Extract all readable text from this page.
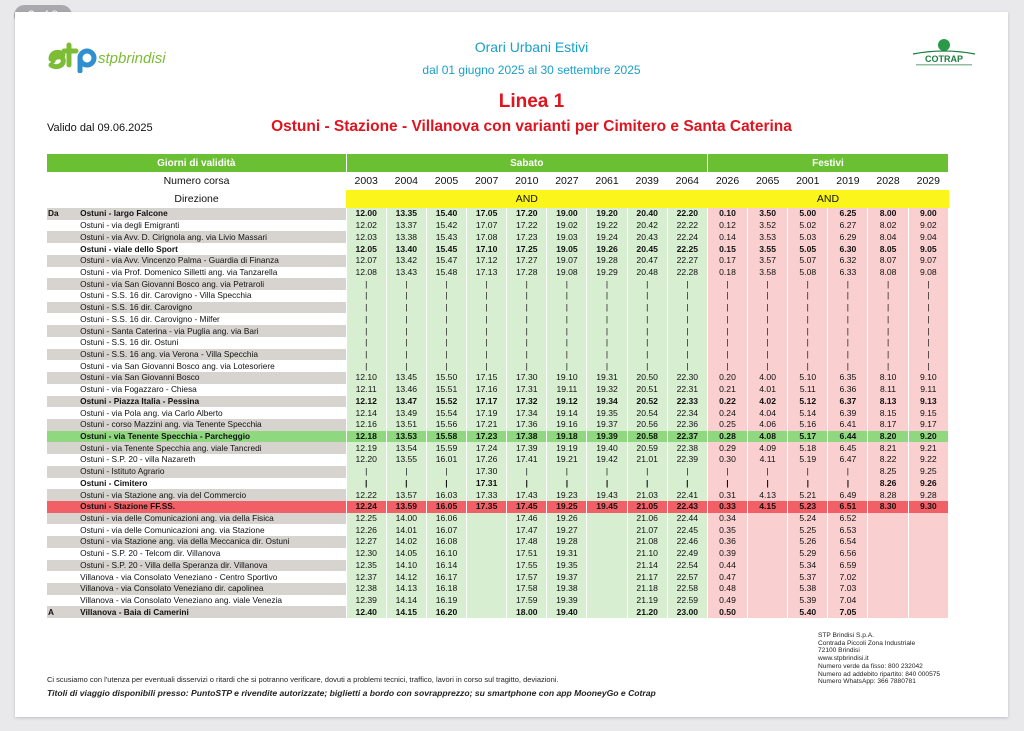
stpbrindisi	COTRAP
Orari Urbani Estivi
dal 01 giugno 2025 al 30 settembre 2025
Linea 1
Ostuni - Stazione - Villanova con varianti per Cimitero e Santa Caterina
Valido dal 09.06.2025
Giorni di validità		Sabato									Festivi					
Numero corsa		2003	2004	2005	2007	2010	2027	2061	2039	2064	2026	2065	2001	2019	2028	2029
Direzione		AND									AND					
Da	Ostuni - largo Falcone	12.00	13.35	15.40	17.05	17.20	19.00	19.20	20.40	22.20	0.10	3.50	5.00	6.25	8.00	9.00
	Ostuni - via degli Emigranti	12.02	13.37	15.42	17.07	17.22	19.02	19.22	20.42	22.22	0.12	3.52	5.02	6.27	8.02	9.02
	Ostuni - via Avv. D. Cirignola ang. via Livio Massari	12.03	13.38	15.43	17.08	17.23	19.03	19.24	20.43	22.24	0.14	3.53	5.03	6.29	8.04	9.04
	Ostuni - viale dello Sport	12.05	13.40	15.45	17.10	17.25	19.05	19.26	20.45	22.25	0.15	3.55	5.05	6.30	8.05	9.05
	Ostuni - via Avv. Vincenzo Palma - Guardia di Finanza	12.07	13.42	15.47	17.12	17.27	19.07	19.28	20.47	22.27	0.17	3.57	5.07	6.32	8.07	9.07
	Ostuni - via Prof. Domenico Silletti ang. via Tanzarella	12.08	13.43	15.48	17.13	17.28	19.08	19.29	20.48	22.28	0.18	3.58	5.08	6.33	8.08	9.08
	Ostuni - via San Giovanni Bosco ang. via Petraroli	|	|	|	|	|	|	|	|	|	|	|	|	|	|	|
	Ostuni - S.S. 16 dir. Carovigno - Villa Specchia	|	|	|	|	|	|	|	|	|	|	|	|	|	|	|
	Ostuni - S.S. 16 dir. Carovigno	|	|	|	|	|	|	|	|	|	|	|	|	|	|	|
	Ostuni - S.S. 16 dir. Carovigno - Milfer	|	|	|	|	|	|	|	|	|	|	|	|	|	|	|
	Ostuni - Santa Caterina - via Puglia ang. via Bari	|	|	|	|	|	|	|	|	|	|	|	|	|	|	|
	Ostuni - S.S. 16 dir. Ostuni	|	|	|	|	|	|	|	|	|	|	|	|	|	|	|
	Ostuni - S.S. 16 ang. via Verona - Villa Specchia	|	|	|	|	|	|	|	|	|	|	|	|	|	|	|
	Ostuni - via San Giovanni Bosco ang. via Lotesoriere	|	|	|	|	|	|	|	|	|	|	|	|	|	|	|
	Ostuni - via San Giovanni Bosco	12.10	13.45	15.50	17.15	17.30	19.10	19.31	20.50	22.30	0.20	4.00	5.10	6.35	8.10	9.10
	Ostuni - via Fogazzaro - Chiesa	12.11	13.46	15.51	17.16	17.31	19.11	19.32	20.51	22.31	0.21	4.01	5.11	6.36	8.11	9.11
	Ostuni - Piazza Italia - Pessina	12.12	13.47	15.52	17.17	17.32	19.12	19.34	20.52	22.33	0.22	4.02	5.12	6.37	8.13	9.13
	Ostuni - via Pola ang. via Carlo Alberto	12.14	13.49	15.54	17.19	17.34	19.14	19.35	20.54	22.34	0.24	4.04	5.14	6.39	8.15	9.15
	Ostuni - corso Mazzini ang. via Tenente Specchia	12.16	13.51	15.56	17.21	17.36	19.16	19.37	20.56	22.36	0.25	4.06	5.16	6.41	8.17	9.17
	Ostuni - via Tenente Specchia - Parcheggio	12.18	13.53	15.58	17.23	17.38	19.18	19.39	20.58	22.37	0.28	4.08	5.17	6.44	8.20	9.20
	Ostuni - via Tenente Specchia ang. viale Tancredi	12.19	13.54	15.59	17.24	17.39	19.19	19.40	20.59	22.38	0.29	4.09	5.18	6.45	8.21	9.21
	Ostuni - S.P. 20 - villa Nazareth	12.20	13.55	16.01	17.26	17.41	19.21	19.42	21.01	22.39	0.30	4.11	5.19	6.47	8.22	9.22
	Ostuni - Istituto Agrario	|	|	|	17.30	|	|	|	|	|	|	|	|	|	8.25	9.25
	Ostuni - Cimitero	|	|	|	17.31	|	|	|	|	|	|	|	|	|	8.26	9.26
	Ostuni - via Stazione ang. via del Commercio	12.22	13.57	16.03	17.33	17.43	19.23	19.43	21.03	22.41	0.31	4.13	5.21	6.49	8.28	9.28
	Ostuni - Stazione FF.SS.	12.24	13.59	16.05	17.35	17.45	19.25	19.45	21.05	22.43	0.33	4.15	5.23	6.51	8.30	9.30
	Ostuni - via delle Comunicazioni ang. via della Fisica	12.25	14.00	16.06		17.46	19.26		21.06	22.44	0.34		5.24	6.52		
	Ostuni - via delle Comunicazioni ang. via Stazione	12.26	14.01	16.07		17.47	19.27		21.07	22.45	0.35		5.25	6.53		
	Ostuni - via Stazione ang. via della Meccanica dir. Ostuni	12.27	14.02	16.08		17.48	19.28		21.08	22.46	0.36		5.26	6.54		
	Ostuni - S.P. 20 - Telcom dir. Villanova	12.30	14.05	16.10		17.51	19.31		21.10	22.49	0.39		5.29	6.56		
	Ostuni - S.P. 20 - Villa della Speranza dir. Villanova	12.35	14.10	16.14		17.55	19.35		21.14	22.54	0.44		5.34	6.59		
	Villanova - via Consolato Veneziano - Centro Sportivo	12.37	14.12	16.17		17.57	19.37		21.17	22.57	0.47		5.37	7.02		
	Villanova - via Consolato Veneziano dir. capolinea	12.38	14.13	16.18		17.58	19.38		21.18	22.58	0.48		5.38	7.03		
	Villanova - via Consolato Veneziano ang. viale Venezia	12.39	14.14	16.19		17.59	19.39		21.19	22.59	0.49		5.39	7.04		
A	Villanova - Baia di Camerini	12.40	14.15	16.20		18.00	19.40		21.20	23.00	0.50		5.40	7.05		
Ci scusiamo con l'utenza per eventuali disservizi o ritardi che si potranno verificare, dovuti a problemi tecnici, traffico, lavori in corso sul tragitto, deviazioni.
Titoli di viaggio disponibili presso: PuntoSTP e rivendite autorizzate; biglietti a bordo con sovrapprezzo; su smartphone con app MooneyGo e Cotrap
STP Brindisi S.p.A.
Contrada Piccoli Zona Industriale
72100 Brindisi
www.stpbrindisi.it
Numero verde da fisso: 800 232042
Numero ad addebito ripartito: 840 000575
Numero WhatsApp: 366 7880781
